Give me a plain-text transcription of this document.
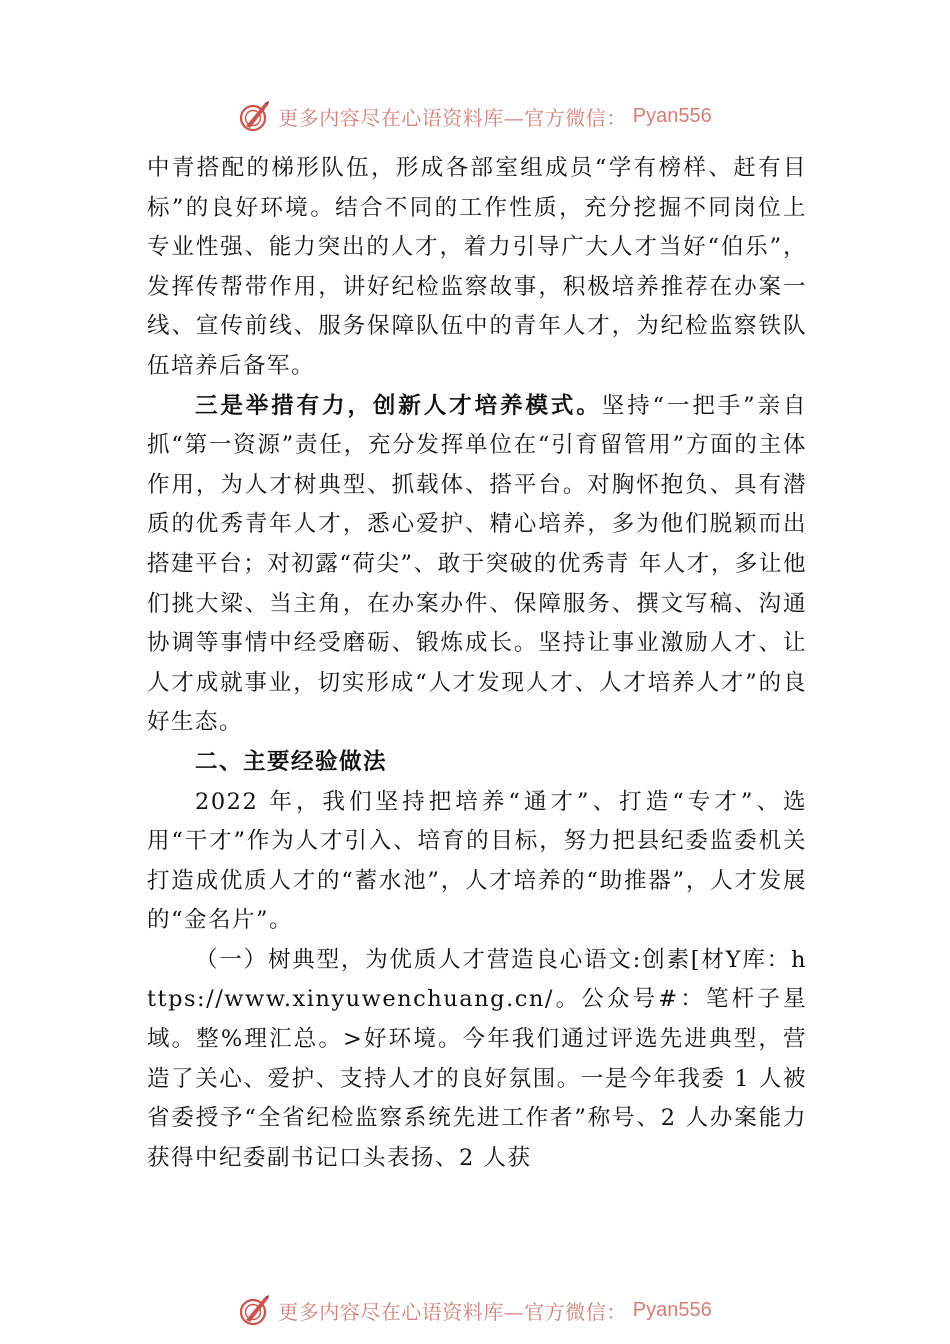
更多内容尽在心语资料库—官方微信： Pyan556

中青搭配的梯形队伍，形成各部室组成员“学有榜样、赶有目标”的良好环境。结合不同的工作性质，充分挖掘不同岗位上专业性强、能力突出的人才，着力引导广大人才当好“伯乐”，发挥传帮带作用，讲好纪检监察故事，积极培养推荐在办案一线、宣传前线、服务保障队伍中的青年人才，为纪检监察铁队伍培养后备军。

三是举措有力，创新人才培养模式。坚持“一把手”亲自抓“第一资源”责任，充分发挥单位在“引育留管用”方面的主体作用，为人才树典型、抓载体、搭平台。对胸怀抱负、具有潜质的优秀青年人才，悉心爱护、精心培养，多为他们脱颖而出搭建平台；对初露“荷尖”、敢于突破的优秀青 年人才，多让他们挑大梁、当主角，在办案办件、保障服务、撰文写稿、沟通协调等事情中经受磨砺、锻炼成长。坚持让事业激励人才、让人才成就事业，切实形成“人才发现人才、人才培养人才”的良好生态。

二、主要经验做法

2022 年，我们坚持把培养“通才”、打造“专才”、选用“干才”作为人才引入、培育的目标，努力把县纪委监委机关打造成优质人才的“蓄水池”，人才培养的“助推器”，人才发展的“金名片”。

（一）树典型，为优质人才营造良心语文:创素[材Y库：https://www.xinyuwenchuang.cn/。公众号#：笔杆子星域。整%理汇总。>好环境。今年我们通过评选先进典型，营造了关心、爱护、支持人才的良好氛围。一是今年我委 1 人被省委授予“全省纪检监察系统先进工作者”称号、2 人办案能力获得中纪委副书记口头表扬、2 人获

更多内容尽在心语资料库—官方微信： Pyan556
